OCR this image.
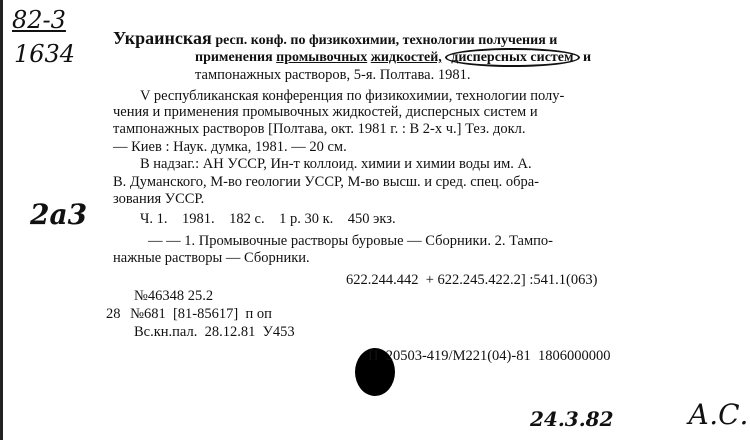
82-3
1634
Украинская респ. конф. по физикохимии, технологии получения и
применения промывочных жидкостей, дисперсных систем и
тампонажных растворов, 5-я. Полтава. 1981.
V республиканская конференция по физикохимии, технологии полу-
чения и применения промывочных жидкостей, дисперсных систем и
тампонажных растворов [Полтава, окт. 1981 г. : В 2-х ч.] Тез. докл.
— Киев : Наук. думка, 1981. — 20 см.
В надзаг.: АН УССР, Ин-т коллоид. химии и химии воды им. А.
В. Думанского, М-во геологии УССР, М-во высш. и сред. спец. обра-
зования УССР.
Ч. 1.    1981.    182 с.    1 р. 30 к.    450 экз.
— — 1. Промывочные растворы буровые — Сборники. 2. Тампо-
нажные растворы — Сборники.
2a3
622.244.442  + 622.245.422.2] :541.1(063)
№46348 25.2
28 №681  [81-85617]  п оп
Вс.кн.пал.  28.12.81  У453
П  20503-419/М221(04)-81  1806000000
24.3.82	А.С.
